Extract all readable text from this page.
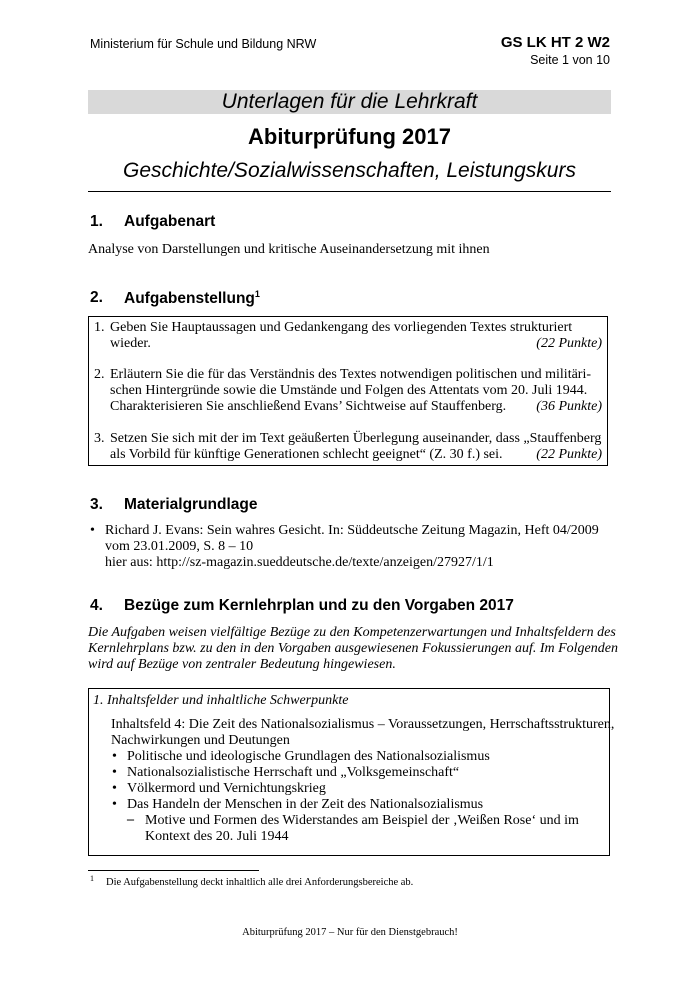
Ministerium für Schule und Bildung NRW	GS LK HT 2 W2
Seite 1 von 10
Unterlagen für die Lehrkraft
Abiturprüfung 2017
Geschichte/Sozialwissenschaften, Leistungskurs
1. Aufgabenart
Analyse von Darstellungen und kritische Auseinandersetzung mit ihnen
2. Aufgabenstellung$^1$
1. Geben Sie Hauptaussagen und Gedankengang des vorliegenden Textes strukturiert
wieder.	(22 Punkte)
2. Erläutern Sie die für das Verständnis des Textes notwendigen politischen und militäri-
schen Hintergründe sowie die Umstände und Folgen des Attentats vom 20. Juli 1944.
Charakterisieren Sie anschließend Evans’ Sichtweise auf Stauffenberg.	(36 Punkte)
3. Setzen Sie sich mit der im Text geäußerten Überlegung auseinander, dass „Stauffenberg
als Vorbild für künftige Generationen schlecht geeignet“ (Z. 30 f.) sei.	(22 Punkte)
3. Materialgrundlage
• Richard J. Evans: Sein wahres Gesicht. In: Süddeutsche Zeitung Magazin, Heft 04/2009
vom 23.01.2009, S. 8 – 10
hier aus: http://sz-magazin.sueddeutsche.de/texte/anzeigen/27927/1/1
4. Bezüge zum Kernlehrplan und zu den Vorgaben 2017
Die Aufgaben weisen vielfältige Bezüge zu den Kompetenzerwartungen und Inhaltsfeldern des
Kernlehrplans bzw. zu den in den Vorgaben ausgewiesenen Fokussierungen auf. Im Folgenden
wird auf Bezüge von zentraler Bedeutung hingewiesen.
1. Inhaltsfelder und inhaltliche Schwerpunkte
Inhaltsfeld 4: Die Zeit des Nationalsozialismus – Voraussetzungen, Herrschaftsstrukturen,
Nachwirkungen und Deutungen
• Politische und ideologische Grundlagen des Nationalsozialismus
• Nationalsozialistische Herrschaft und „Volksgemeinschaft“
• Völkermord und Vernichtungskrieg
• Das Handeln der Menschen in der Zeit des Nationalsozialismus
– Motive und Formen des Widerstandes am Beispiel der ‚Weißen Rose‘ und im
Kontext des 20. Juli 1944
1 Die Aufgabenstellung deckt inhaltlich alle drei Anforderungsbereiche ab.
Abiturprüfung 2017 – Nur für den Dienstgebrauch!
